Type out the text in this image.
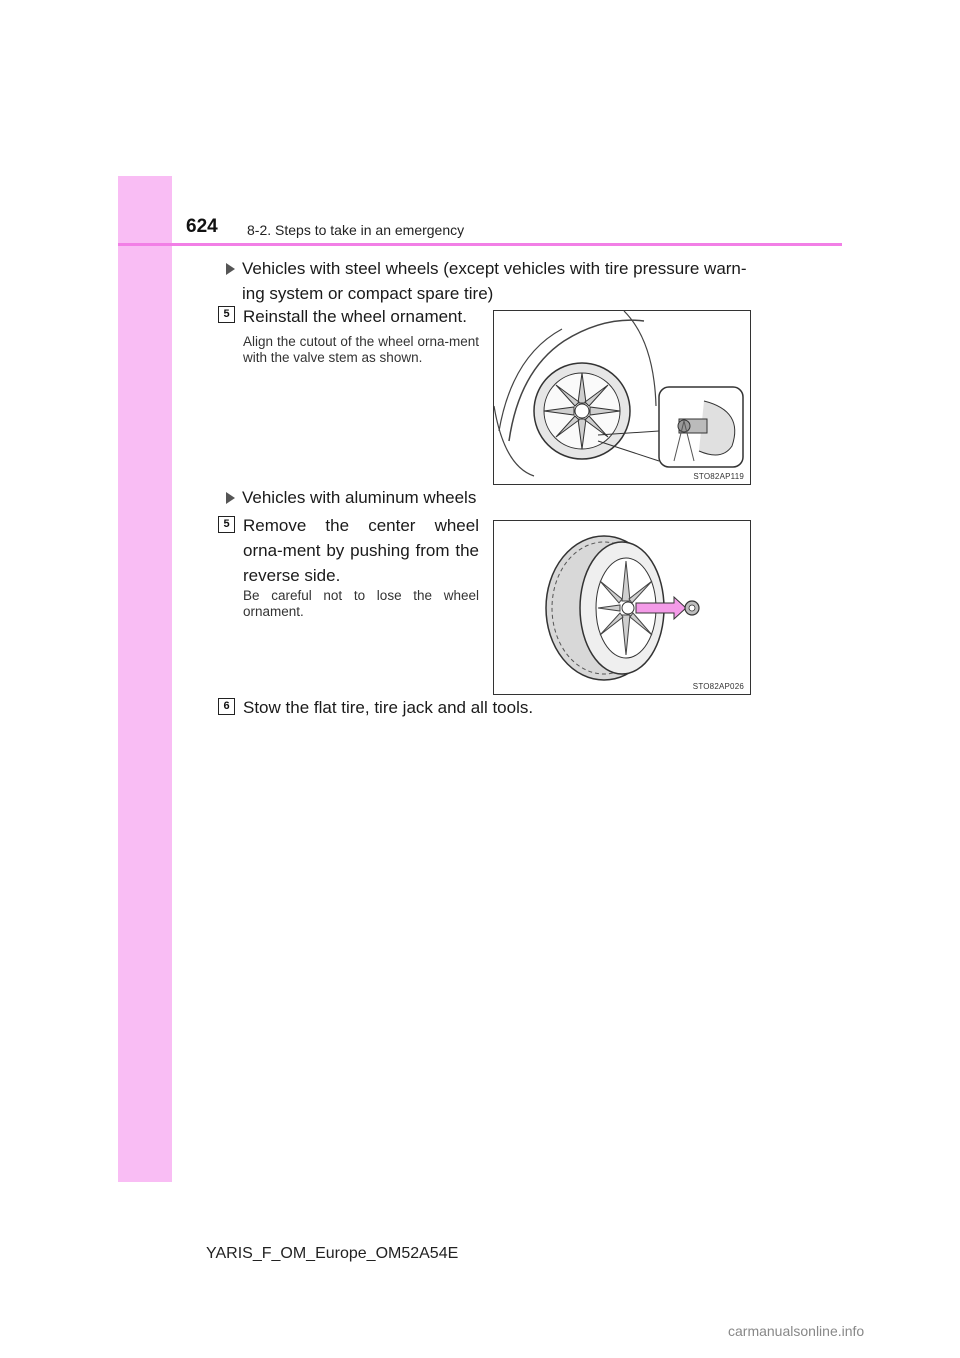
624 8-2. Steps to take in an emergency
Vehicles with steel wheels (except vehicles with tire pressure warn-ing system or compact spare tire)
5 Reinstall the wheel ornament.
Align the cutout of the wheel orna-ment with the valve stem as shown.
STO82AP119
Vehicles with aluminum wheels
5 Remove the center wheel orna-ment by pushing from the reverse side.
Be careful not to lose the wheel ornament.
STO82AP026
6 Stow the flat tire, tire jack and all tools.
YARIS_F_OM_Europe_OM52A54E
carmanualsonline.info
